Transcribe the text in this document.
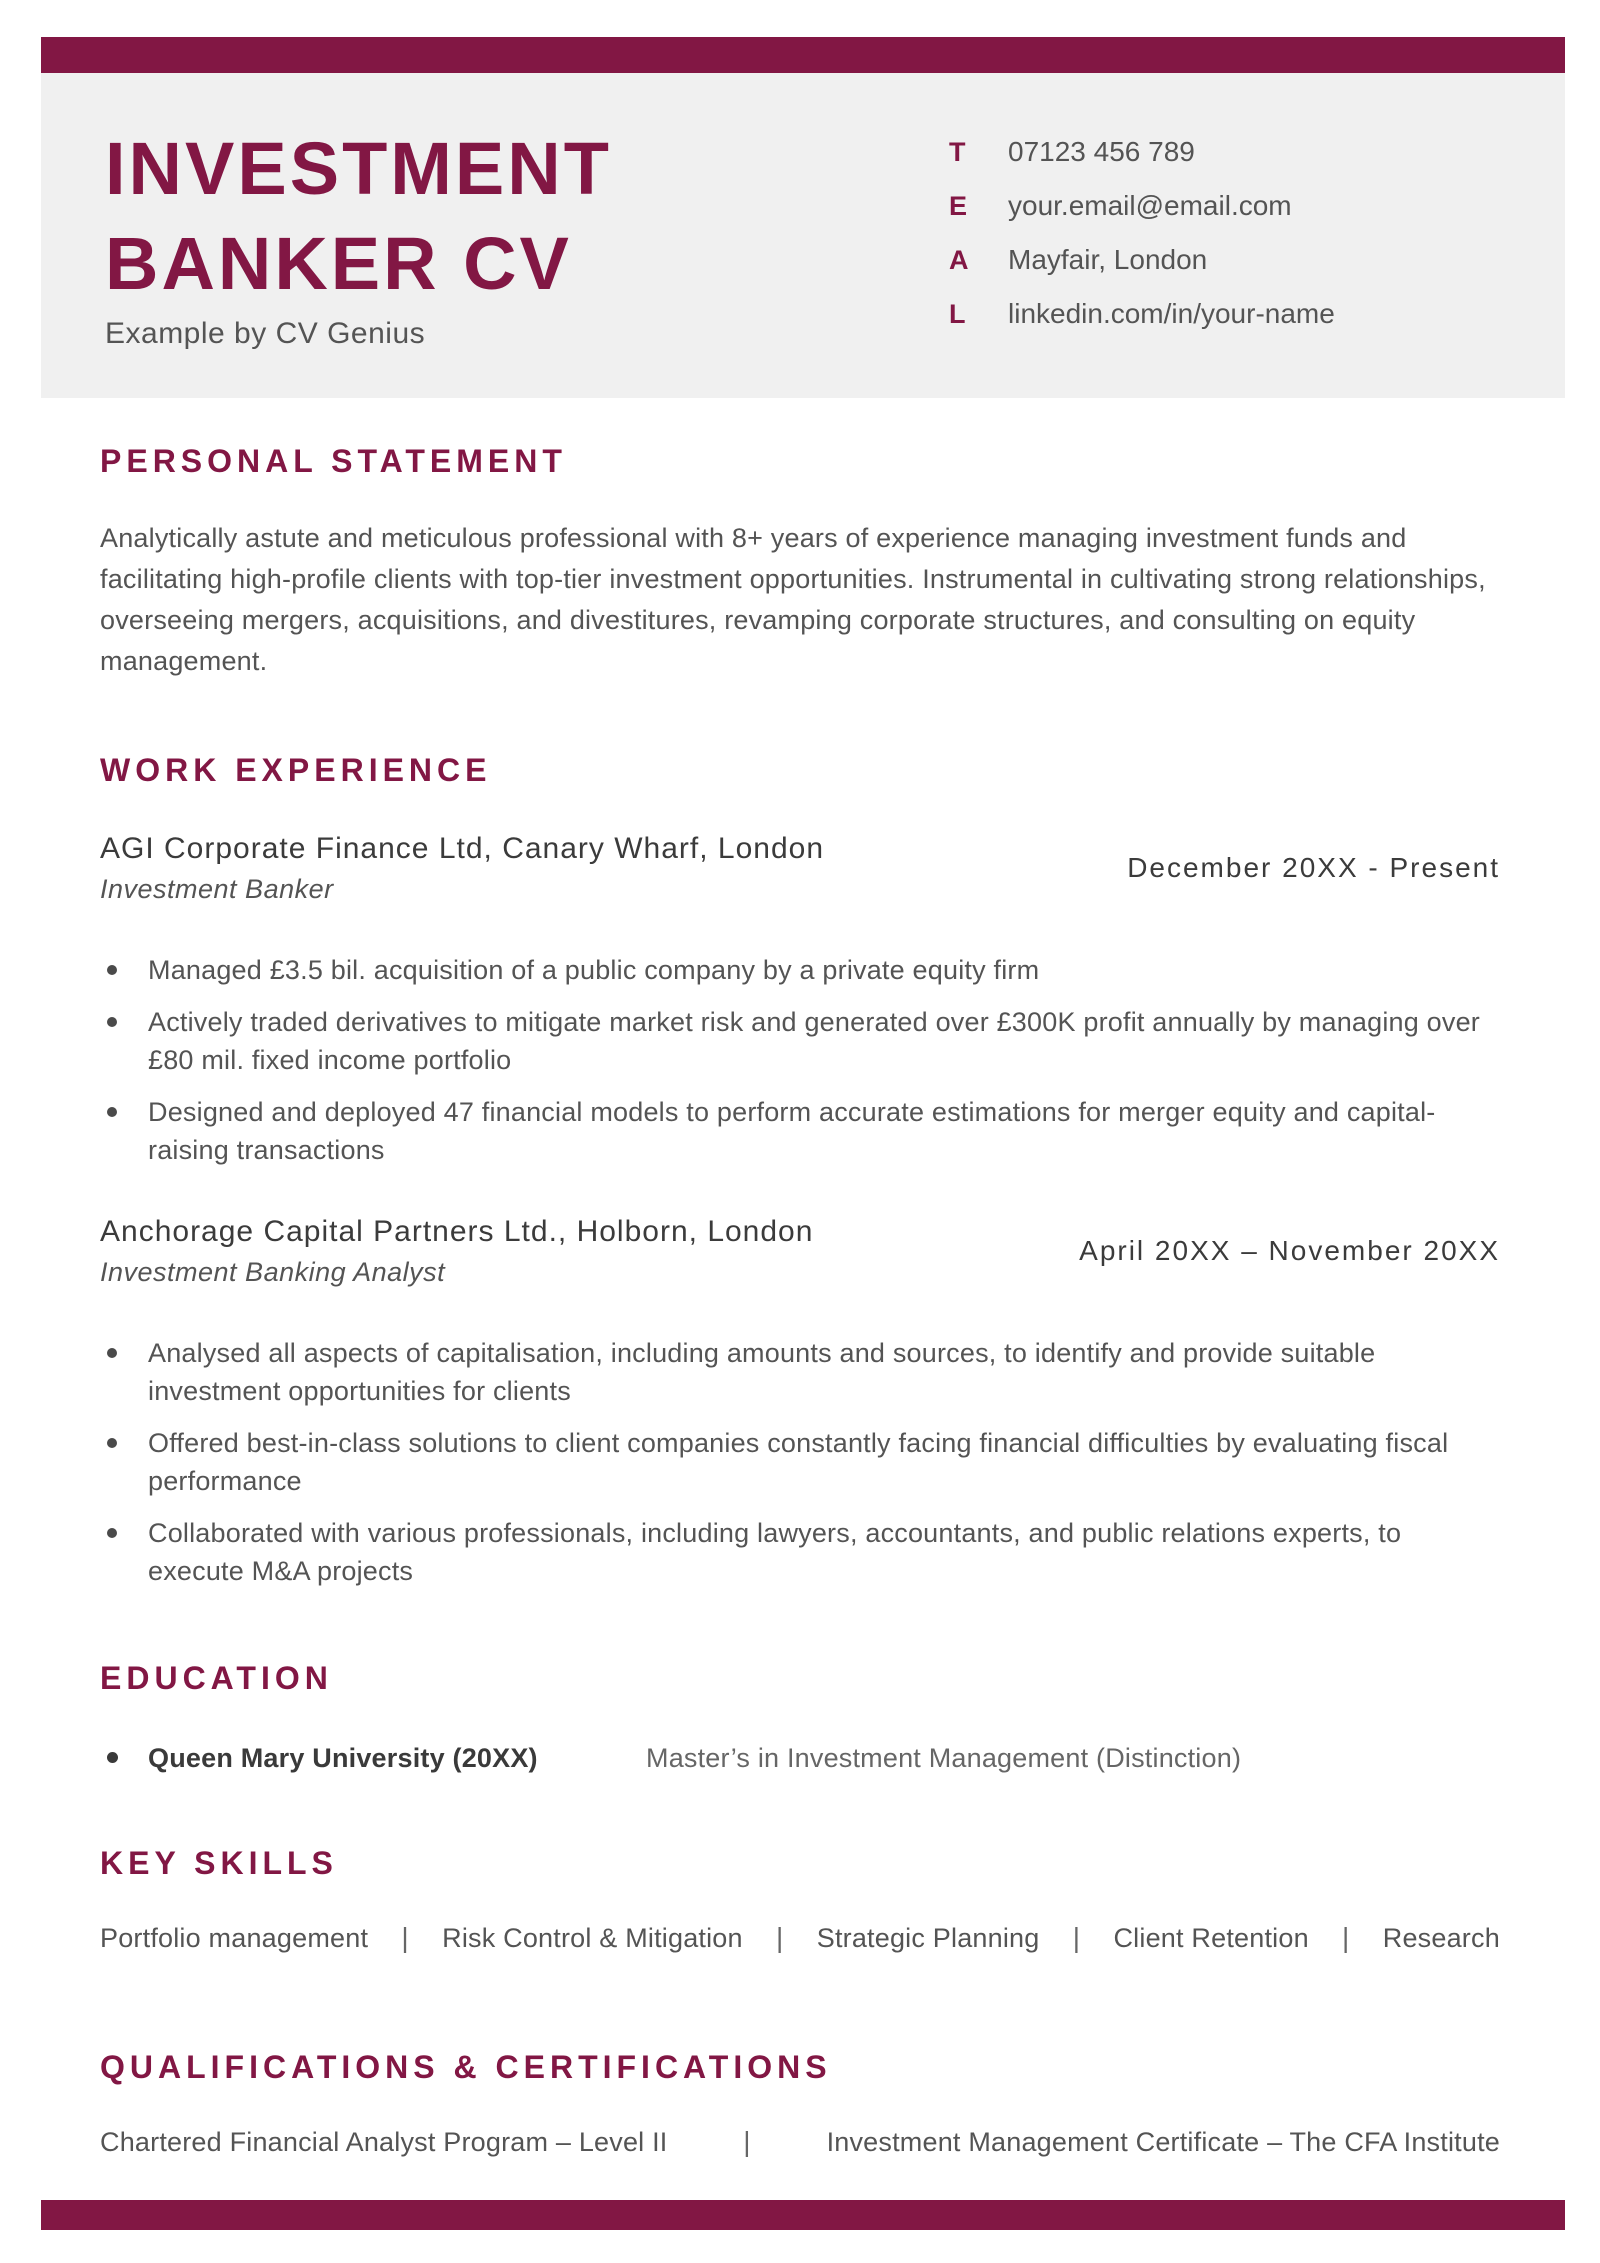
INVESTMENT
BANKER CV
Example by CV Genius
T	07123 456 789
E	your.email@email.com
A	Mayfair, London
L	linkedin.com/in/your-name
PERSONAL STATEMENT

Analytically astute and meticulous professional with 8+ years of experience managing investment funds and facilitating high-profile clients with top-tier investment opportunities. Instrumental in cultivating strong relationships, overseeing mergers, acquisitions, and divestitures, revamping corporate structures, and consulting on equity management.

WORK EXPERIENCE
AGI Corporate Finance Ltd, Canary Wharf, London
Investment Banker
December 20XX - Present
Managed £3.5 bil. acquisition of a public company by a private equity firm
Actively traded derivatives to mitigate market risk and generated over £300K profit annually by managing over £80 mil. fixed income portfolio
Designed and deployed 47 financial models to perform accurate estimations for merger equity and capital-raising transactions
Anchorage Capital Partners Ltd., Holborn, London
Investment Banking Analyst
April 20XX – November 20XX
Analysed all aspects of capitalisation, including amounts and sources, to identify and provide suitable investment opportunities for clients
Offered best-in-class solutions to client companies constantly facing financial difficulties by evaluating fiscal performance
Collaborated with various professionals, including lawyers, accountants, and public relations experts, to execute M&A projects
EDUCATION
Queen Mary University (20XX)	Master’s in Investment Management (Distinction)
KEY SKILLS
Portfolio management | Risk Control & Mitigation | Strategic Planning | Client Retention | Research
QUALIFICATIONS & CERTIFICATIONS
Chartered Financial Analyst Program – Level II	|	Investment Management Certificate – The CFA Institute
